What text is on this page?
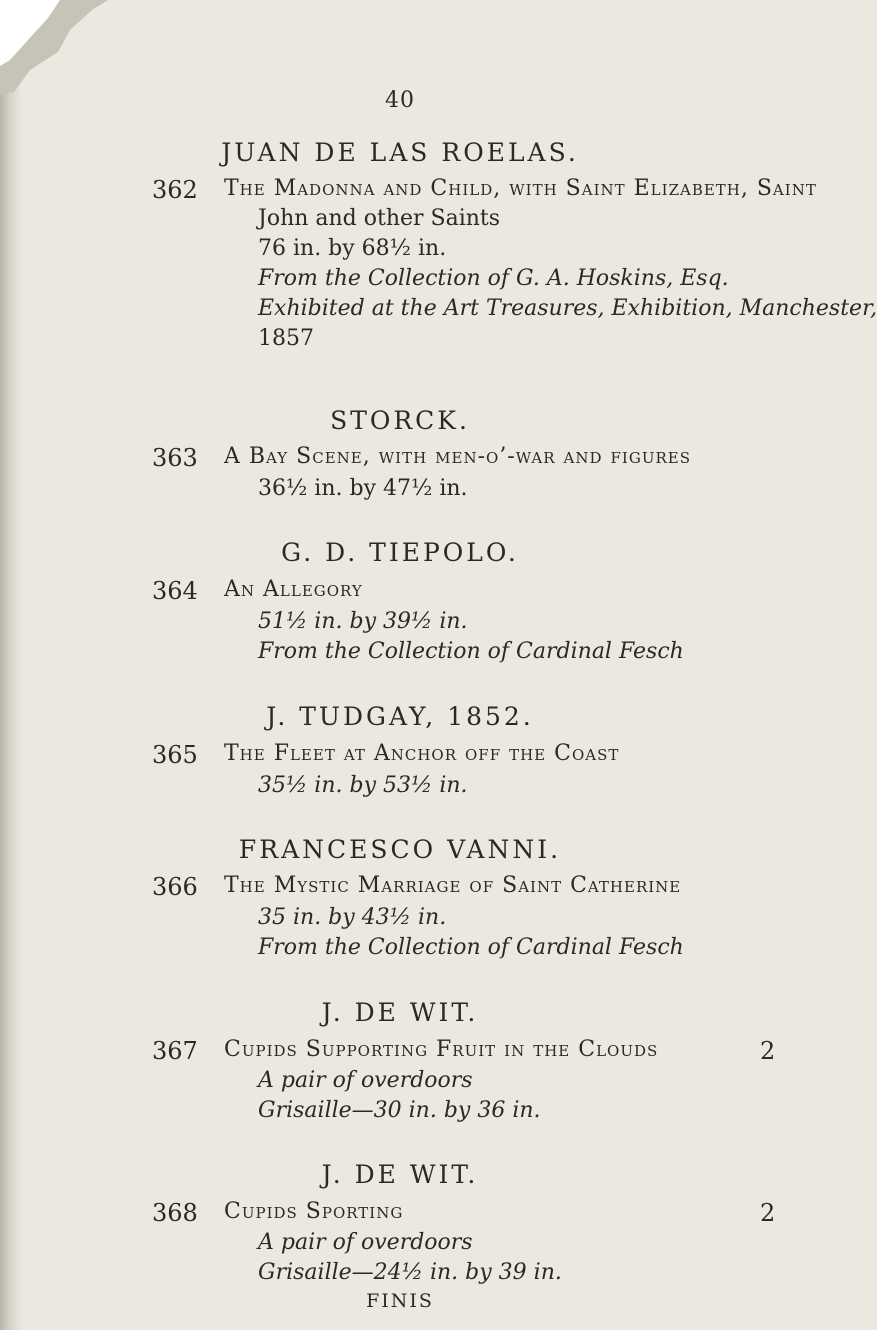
40
JUAN DE LAS ROELAS.
362 The Madonna and Child, with Saint Elizabeth, Saint
John and other Saints
76 in. by 68½ in.
From the Collection of G. A. Hoskins, Esq.
Exhibited at the Art Treasures, Exhibition, Manchester,
1857
STORCK.
363 A Bay Scene, with men-o’-war and figures
36½ in. by 47½ in.
G. D. TIEPOLO.
364 An Allegory
51½ in. by 39½ in.
From the Collection of Cardinal Fesch
J. TUDGAY, 1852.
365 The Fleet at Anchor off the Coast
35½ in. by 53½ in.
FRANCESCO VANNI.
366 The Mystic Marriage of Saint Catherine
35 in. by 43½ in.
From the Collection of Cardinal Fesch
J. DE WIT.
367 Cupids Supporting Fruit in the Clouds	2
A pair of overdoors
Grisaille—30 in. by 36 in.
J. DE WIT.
368 Cupids Sporting	2
A pair of overdoors
Grisaille—24½ in. by 39 in.
FINIS
